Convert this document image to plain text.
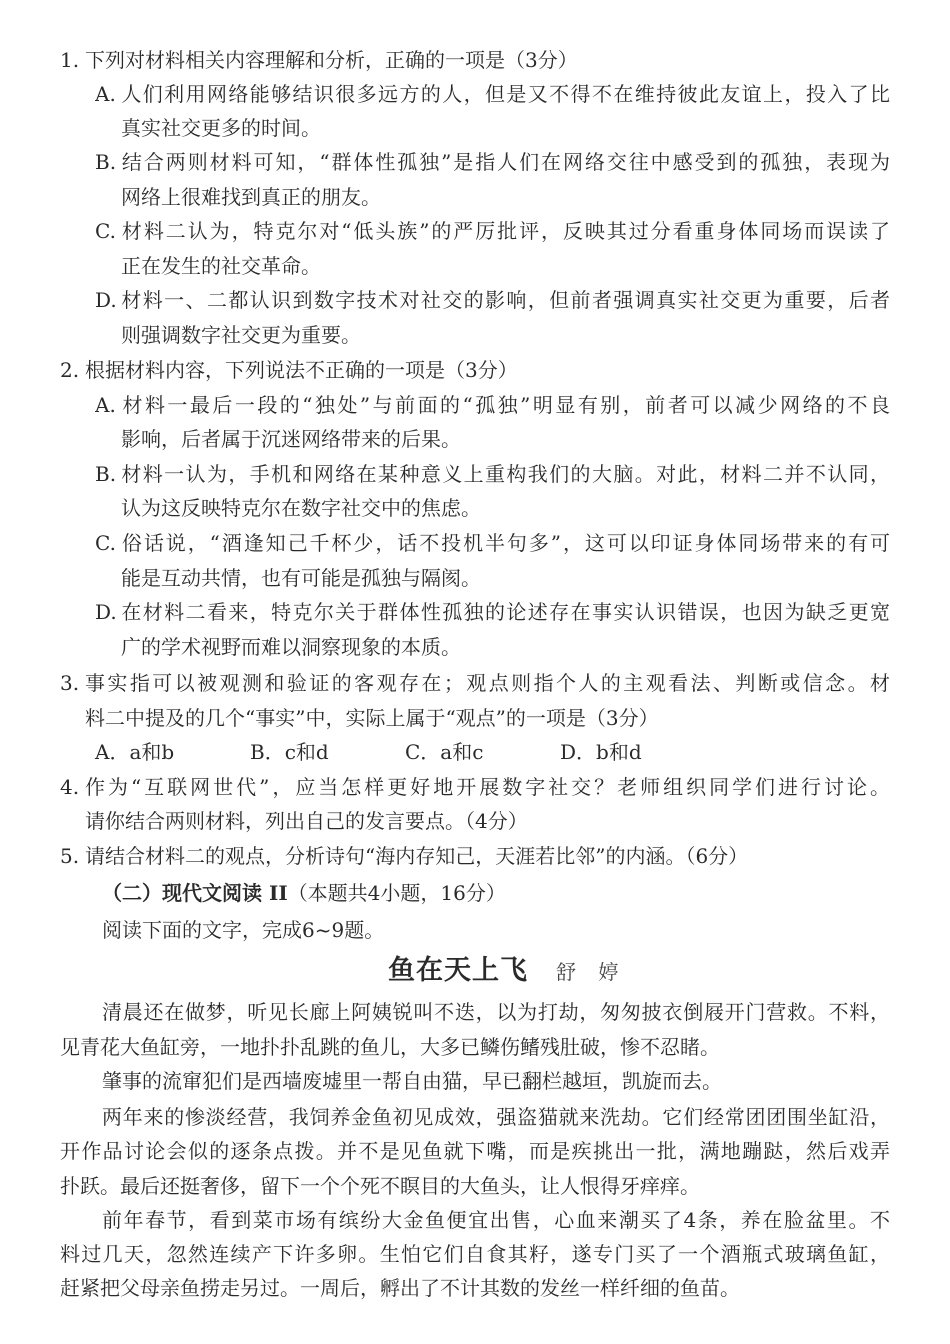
1. 下列对材料相关内容理解和分析，正确的一项是（3分）
A. 人们利用网络能够结识很多远方的人，但是又不得不在维持彼此友谊上，投入了比
真实社交更多的时间。
B. 结合两则材料可知，“群体性孤独”是指人们在网络交往中感受到的孤独，表现为
网络上很难找到真正的朋友。
C. 材料二认为，特克尔对“低头族”的严厉批评，反映其过分看重身体同场而误读了
正在发生的社交革命。
D. 材料一、二都认识到数字技术对社交的影响，但前者强调真实社交更为重要，后者
则强调数字社交更为重要。
2. 根据材料内容，下列说法不正确的一项是（3分）
A. 材料一最后一段的“独处”与前面的“孤独”明显有别，前者可以减少网络的不良
影响，后者属于沉迷网络带来的后果。
B. 材料一认为，手机和网络在某种意义上重构我们的大脑。对此，材料二并不认同，
认为这反映特克尔在数字社交中的焦虑。
C. 俗话说，“酒逢知己千杯少，话不投机半句多”，这可以印证身体同场带来的有可
能是互动共情，也有可能是孤独与隔阂。
D. 在材料二看来，特克尔关于群体性孤独的论述存在事实认识错误，也因为缺乏更宽
广的学术视野而难以洞察现象的本质。
3. 事实指可以被观测和验证的客观存在；观点则指个人的主观看法、判断或信念。材
料二中提及的几个“事实”中，实际上属于“观点”的一项是（3分）
A．a和b	B．c和d	C．a和c	D．b和d
4. 作为“互联网世代”，应当怎样更好地开展数字社交？老师组织同学们进行讨论。
请你结合两则材料，列出自己的发言要点。（4分）
5. 请结合材料二的观点，分析诗句“海内存知己，天涯若比邻”的内涵。（6分）
（二）现代文阅读 II（本题共4小题，16分）
阅读下面的文字，完成6~9题。
鱼在天上飞 舒 婷
清晨还在做梦，听见长廊上阿姨锐叫不迭，以为打劫，匆匆披衣倒屐开门营救。不料，
见青花大鱼缸旁，一地扑扑乱跳的鱼儿，大多已鳞伤鳍残肚破，惨不忍睹。
肇事的流窜犯们是西墙废墟里一帮自由猫，早已翻栏越垣，凯旋而去。
两年来的惨淡经营，我饲养金鱼初见成效，强盗猫就来洗劫。它们经常团团围坐缸沿，
开作品讨论会似的逐条点拨。并不是见鱼就下嘴，而是疾挑出一批，满地蹦跶，然后戏弄
扑跃。最后还挺奢侈，留下一个个死不瞑目的大鱼头，让人恨得牙痒痒。
前年春节，看到菜市场有缤纷大金鱼便宜出售，心血来潮买了4条，养在脸盆里。不
料过几天，忽然连续产下许多卵。生怕它们自食其籽，遂专门买了一个酒瓶式玻璃鱼缸，
赶紧把父母亲鱼捞走另过。一周后，孵出了不计其数的发丝一样纤细的鱼苗。
